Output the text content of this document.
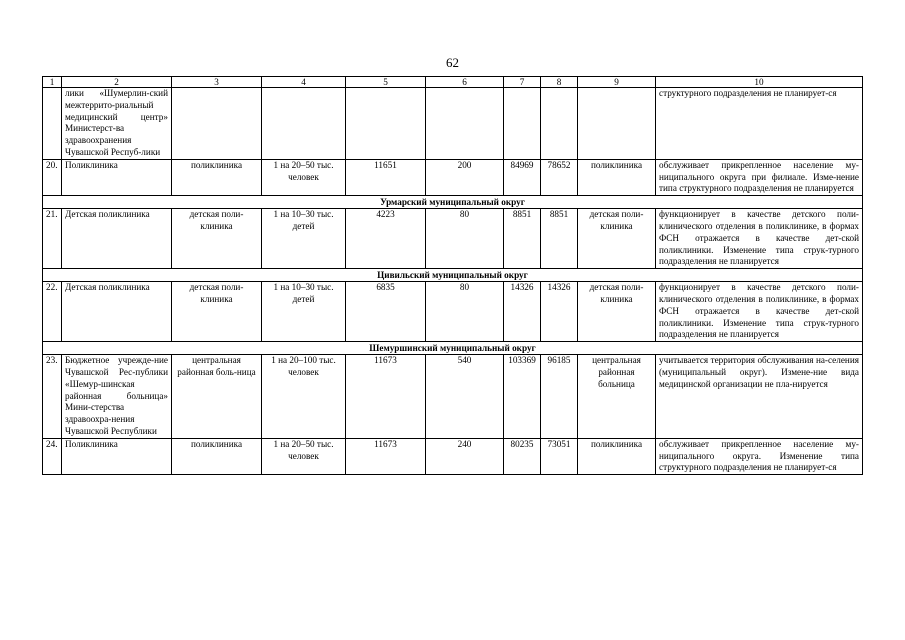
62
1	2	3	4	5	6	7	8	9	10
	лики «Шумерлин-ский межтеррито-риальный медицинский центр» Министерст-ва здравоохранения Чувашской Респуб-лики								структурного подразделения не планирует-ся
20.	Поликлиника	поликлиника	1 на 20–50 тыс. человек	11651	200	84969	78652	поликлиника	обслуживает прикрепленное население му-ниципального округа при филиале. Изме-нение типа структурного подразделения не планируется
Урмарский муниципальный округ									
21.	Детская поликлиника	детская поли-клиника	1 на 10–30 тыс. детей	4223	80	8851	8851	детская поли-клиника	функционирует в качестве детского поли-клинического отделения в поликлинике, в формах ФСН отражается в качестве дет-ской поликлиники. Изменение типа струк-турного подразделения не планируется
Цивильский муниципальный округ									
22.	Детская поликлиника	детская поли-клиника	1 на 10–30 тыс. детей	6835	80	14326	14326	детская поли-клиника	функционирует в качестве детского поли-клинического отделения в поликлинике, в формах ФСН отражается в качестве дет-ской поликлиники. Изменение типа струк-турного подразделения не планируется
Шемуршинский муниципальный округ									
23.	Бюджетное учрежде-ние Чувашской Рес-публики «Шемур-шинская районная больница» Мини-стерства здравоохра-нения Чувашской Республики	центральная районная боль-ница	1 на 20–100 тыс. человек	11673	540	103369	96185	центральная районная больница	учитывается территория обслуживания на-селения (муниципальный округ). Измене-ние вида медицинской организации не пла-нируется
24.	Поликлиника	поликлиника	1 на 20–50 тыс. человек	11673	240	80235	73051	поликлиника	обслуживает прикрепленное население му-ниципального округа. Изменение типа структурного подразделения не планирует-ся
